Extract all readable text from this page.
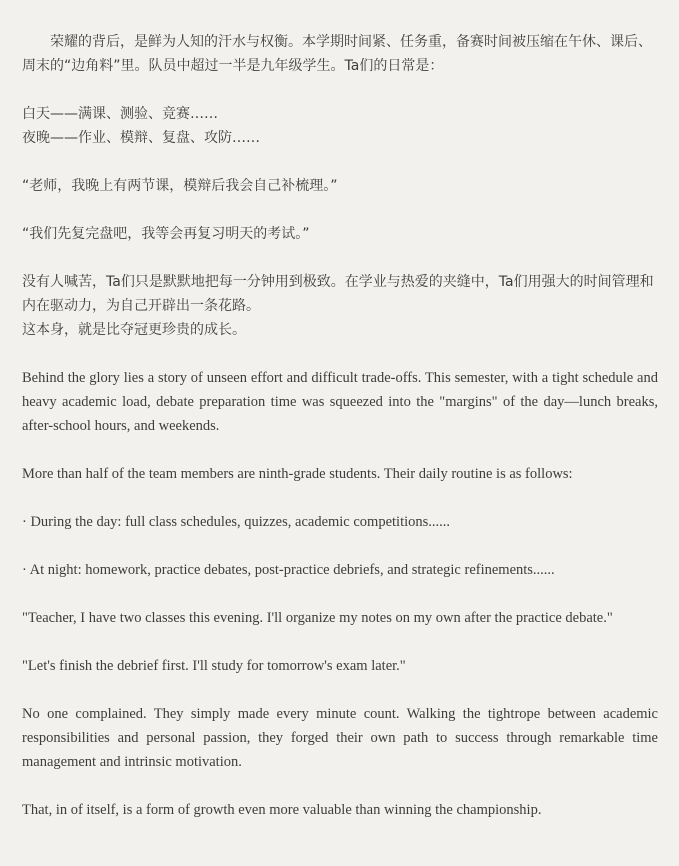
荣耀的背后，是鲜为人知的汗水与权衡。本学期时间紧、任务重，备赛时间被压缩在午休、课后、周末的“边角料”里。队员中超过一半是九年级学生。Ta们的日常是：

白天——满课、测验、竞赛……

夜晚——作业、模辩、复盘、攻防……

“老师，我晚上有两节课，模辩后我会自己补梳理。”

“我们先复完盘吧，我等会再复习明天的考试。”

没有人喊苦，Ta们只是默默地把每一分钟用到极致。在学业与热爱的夹缝中，Ta们用强大的时间管理和内在驱动力，为自己开辟出一条花路。

这本身，就是比夺冠更珍贵的成长。

Behind the glory lies a story of unseen effort and difficult trade-offs. This semester, with a tight schedule and heavy academic load, debate preparation time was squeezed into the "margins" of the day—lunch breaks, after-school hours, and weekends.

More than half of the team members are ninth-grade students. Their daily routine is as follows:

· During the day: full class schedules, quizzes, academic competitions......

· At night: homework, practice debates, post-practice debriefs, and strategic refinements......

"Teacher, I have two classes this evening. I'll organize my notes on my own after the practice debate."

"Let's finish the debrief first. I'll study for tomorrow's exam later."

No one complained. They simply made every minute count. Walking the tightrope between academic responsibilities and personal passion, they forged their own path to success through remarkable time management and intrinsic motivation.

That, in of itself, is a form of growth even more valuable than winning the championship.
